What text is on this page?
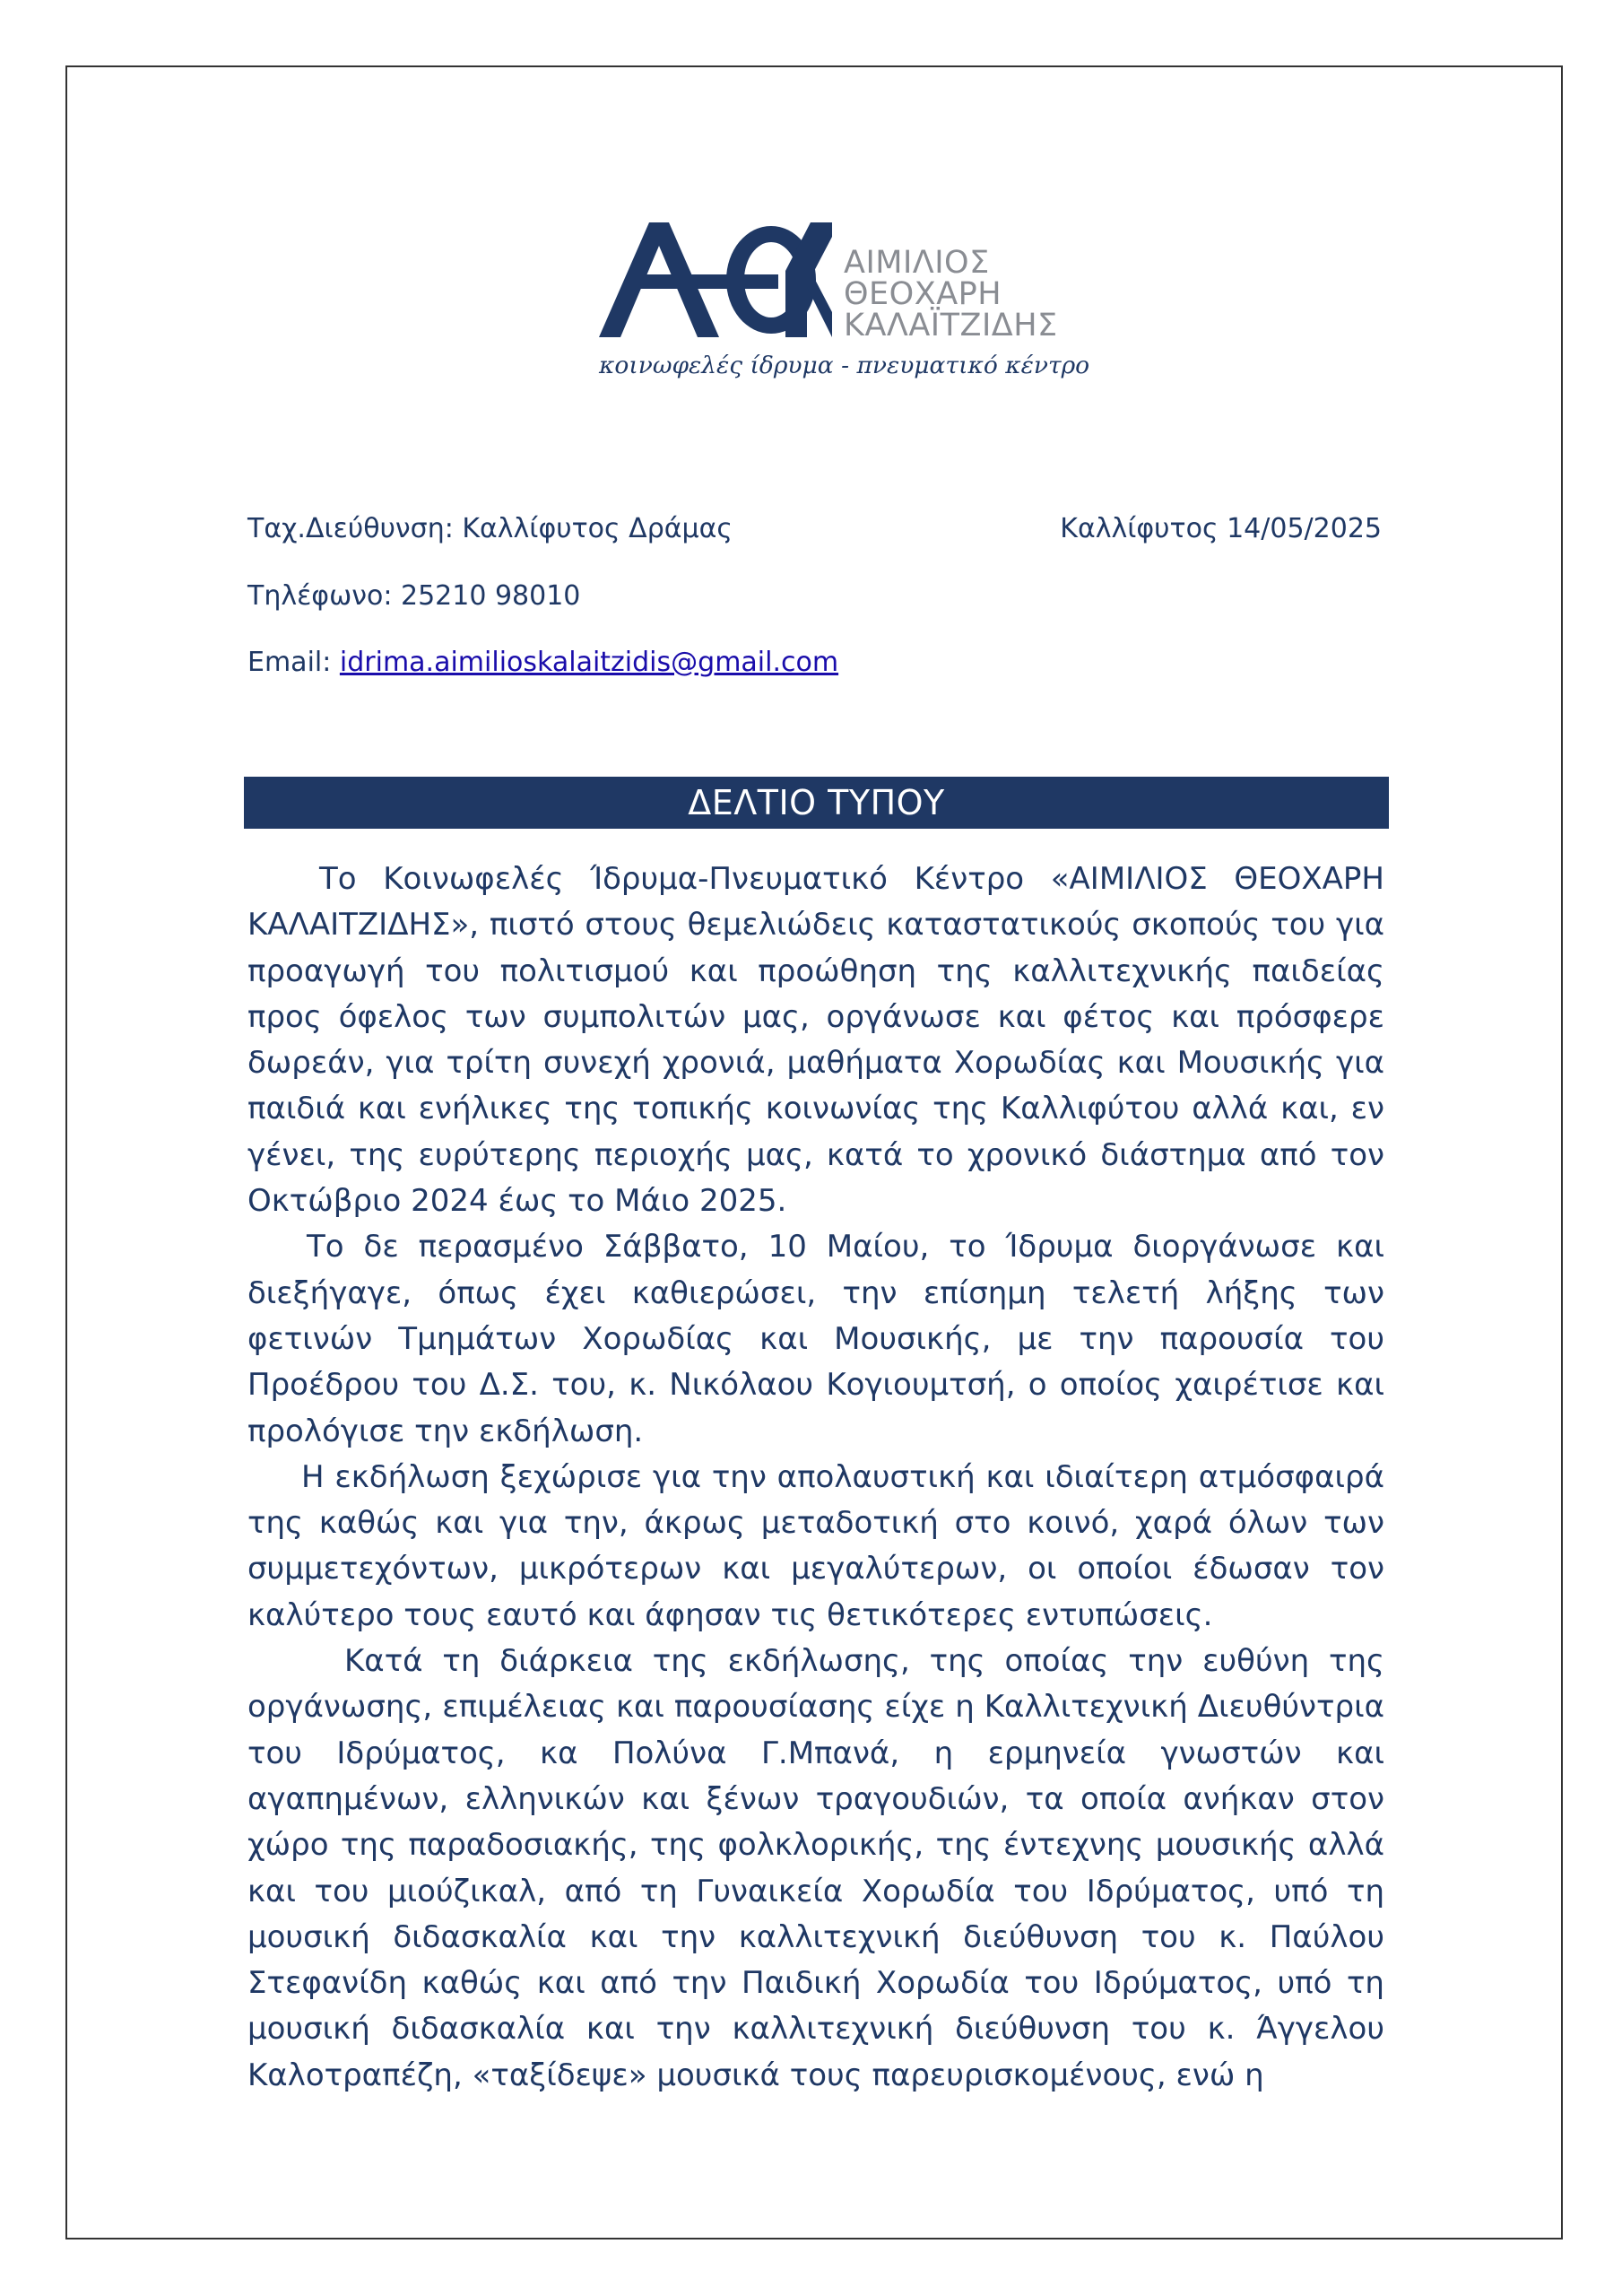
ΑΙΜΙΛΙΟΣ
ΘΕΟΧΑΡΗ
ΚΑΛΑΪΤΖΙΔΗΣ
κοινωφελές ίδρυμα - πνευματικό κέντρο
Ταχ.Διεύθυνση: Καλλίφυτος Δράμας	Καλλίφυτος 14/05/2025
Τηλέφωνο: 25210 98010
Email: idrima.aimilioskalaitzidis@gmail.com
ΔΕΛΤΙΟ ΤΥΠΟΥ

Το Κοινωφελές Ίδρυμα-Πνευματικό Κέντρο «ΑΙΜΙΛΙΟΣ ΘΕΟΧΑΡΗ ΚΑΛΑΙΤΖΙΔΗΣ», πιστό στους θεμελιώδεις καταστατικούς σκοπούς του για προαγωγή του πολιτισμού και προώθηση της καλλιτεχνικής παιδείας προς όφελος των συμπολιτών μας, οργάνωσε και φέτος και πρόσφερε δωρεάν, για τρίτη συνεχή χρονιά, μαθήματα Χορωδίας και Μουσικής για παιδιά και ενήλικες της τοπικής κοινωνίας της Καλλιφύτου αλλά και, εν γένει, της ευρύτερης περιοχής μας, κατά το χρονικό διάστημα από τον Οκτώβριο 2024 έως το Μάιο 2025.

Το δε περασμένο Σάββατο, 10 Μαίου, το Ίδρυμα διοργάνωσε και διεξήγαγε, όπως έχει καθιερώσει, την επίσημη τελετή λήξης των φετινών Τμημάτων Χορωδίας και Μουσικής, με την παρουσία του Προέδρου του Δ.Σ. του, κ. Νικόλαου Κογιουμτσή, ο οποίος χαιρέτισε και προλόγισε την εκδήλωση.

Η εκδήλωση ξεχώρισε για την απολαυστική και ιδιαίτερη ατμόσφαιρά της καθώς και για την, άκρως μεταδοτική στο κοινό, χαρά όλων των συμμετεχόντων, μικρότερων και μεγαλύτερων, οι οποίοι έδωσαν τον καλύτερο τους εαυτό και άφησαν τις θετικότερες εντυπώσεις.

Κατά τη διάρκεια της εκδήλωσης, της οποίας την ευθύνη της οργάνωσης, επιμέλειας και παρουσίασης είχε η Καλλιτεχνική Διευθύντρια του Ιδρύματος, κα Πολύνα Γ.Μπανά, η ερμηνεία γνωστών και αγαπημένων, ελληνικών και ξένων τραγουδιών, τα οποία ανήκαν στον χώρο της παραδοσιακής, της φολκλορικής, της έντεχνης μουσικής αλλά και του μιούζικαλ, από τη Γυναικεία Χορωδία του Ιδρύματος, υπό τη μουσική διδασκαλία και την καλλιτεχνική διεύθυνση του κ. Παύλου Στεφανίδη καθώς και από την Παιδική Χορωδία του Ιδρύματος, υπό τη μουσική διδασκαλία και την καλλιτεχνική διεύθυνση του κ. Άγγελου Καλοτραπέζη, «ταξίδεψε» μουσικά τους παρευρισκομένους, ενώ η
